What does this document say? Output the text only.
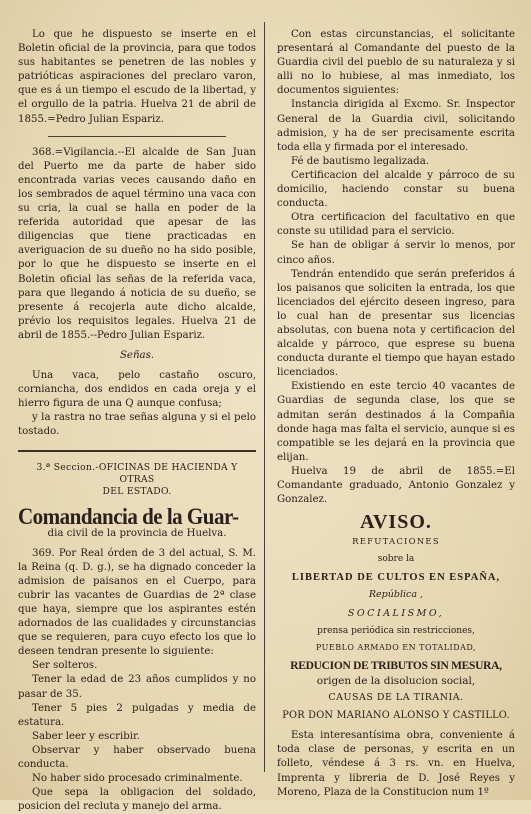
Lo que he dispuesto se inserte en el Boletin oficial de la provincia, para que todos sus habitantes se penetren de las nobles y patrióticas aspiraciones del preclaro varon, que es á un tiempo el escudo de la libertad, y el orgullo de la patria. Huelva 21 de abril de 1855.=Pedro Julian Espariz.

368.=Vigilancia.--El alcalde de San Juan del Puerto me da parte de haber sido encontrada varias veces causando daño en los sembrados de aquel término una vaca con su cria, la cual se halla en poder de la referida autoridad que apesar de las diligencias que tiene practicadas en averiguacion de su dueño no ha sido posible, por lo que he dispuesto se inserte en el Boletin oficial las señas de la referida vaca, para que llegando á noticia de su dueño, se presente á recojerla aute dicho alcalde, prévio los requisitos legales. Huelva 21 de abril de 1855.--Pedro Julian Espariz.

Señas.

Una vaca, pelo castaño oscuro, corniancha, dos endidos en cada oreja y el hierro figura de una Q aunque confusa;

y la rastra no trae señas alguna y si el pelo tostado.

3.ª Seccion.-OFICINAS DE HACIENDA Y OTRAS
DEL ESTADO.
Comandancia de la Guar-

dia civil de la provincia de Huelva.

369. Por Real órden de 3 del actual, S. M. la Reina (q. D. g.), se ha dignado conceder la admision de paisanos en el Cuerpo, para cubrir las vacantes de Guardias de 2ª clase que haya, siempre que los aspirantes estén adornados de las cualidades y circunstancias que se requieren, para cuyo efecto los que lo deseen tendran presente lo siguiente:

Ser solteros.

Tener la edad de 23 años cumplidos y no pasar de 35.

Tener 5 pies 2 pulgadas y media de estatura.

Saber leer y escribir.

Observar y haber observado buena conducta.

No haber sido procesado criminalmente.

Que sepa la obligacion del soldado, posicion del recluta y manejo del arma.

Con estas circunstancias, el solicitante presentará al Comandante del puesto de la Guardia civil del pueblo de su naturaleza y si alli no lo hubiese, al mas inmediato, los documentos siguientes:

Instancia dirigida al Excmo. Sr. Inspector General de la Guardia civil, solicitando admision, y ha de ser precisamente escrita toda ella y firmada por el interesado.

Fé de bautismo legalizada.

Certificacion del alcalde y párroco de su domicilio, haciendo constar su buena conducta.

Otra certificacion del facultativo en que conste su utilidad para el servicio.

Se han de obligar á servir lo menos, por cinco años.

Tendrán entendido que serán preferidos á los paisanos que soliciten la entrada, los que licenciados del ejército deseen ingreso, para lo cual han de presentar sus licencias absolutas, con buena nota y certificacion del alcalde y párroco, que esprese su buena conducta durante el tiempo que hayan estado licenciados.

Existiendo en este tercio 40 vacantes de Guardias de segunda clase, los que se admitan serán destinados á la Compañia donde haga mas falta el servicio, aunque si es compatible se les dejará en la provincia que elijan.

Huelva 19 de abril de 1855.=El Comandante graduado, Antonio Gonzalez y Gonzalez.

AVISO.
REFUTACIONES
sobre la
LIBERTAD DE CULTOS EN ESPAÑA,
República ,
SOCIALISMO,
prensa periódica sin restricciones,
PUEBLO ARMADO EN TOTALIDAD,
REDUCION DE TRIBUTOS SIN MESURA,
origen de la disolucion social,
CAUSAS DE LA TIRANIA.
POR DON MARIANO ALONSO Y CASTILLO.

Esta interesantísima obra, conveniente á toda clase de personas, y escrita en un folleto, véndese á 3 rs. vn. en Huelva, Imprenta y libreria de D. José Reyes y Moreno, Plaza de la Constitucion num 1º
